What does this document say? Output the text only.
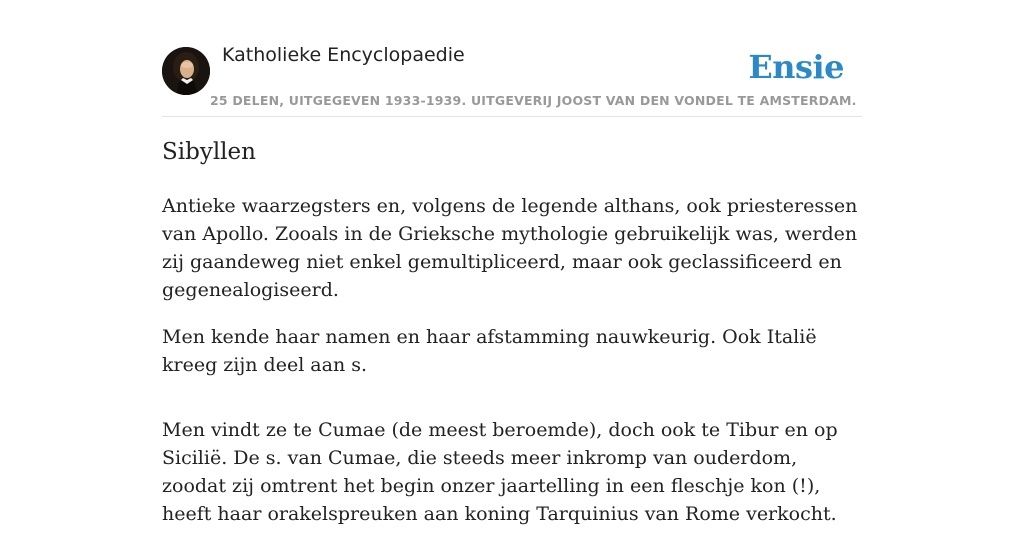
Katholieke Encyclopaedie
25 DELEN, UITGEGEVEN 1933-1939. UITGEVERIJ JOOST VAN DEN VONDEL TE AMSTERDAM.
Ensie
Sibyllen

Antieke waarzegsters en, volgens de legende althans, ook priesteressen van Apollo. Zooals in de Grieksche mythologie gebruikelijk was, werden zij gaandeweg niet enkel gemultipliceerd, maar ook geclassificeerd en gegenealogiseerd.

Men kende haar namen en haar afstamming nauwkeurig. Ook Italië kreeg zijn deel aan s.

Men vindt ze te Cumae (de meest beroemde), doch ook te Tibur en op Sicilië. De s. van Cumae, die steeds meer inkromp van ouderdom, zoodat zij omtrent het begin onzer jaartelling in een fleschje kon (!), heeft haar orakelspreuken aan koning Tarquinius van Rome verkocht.
